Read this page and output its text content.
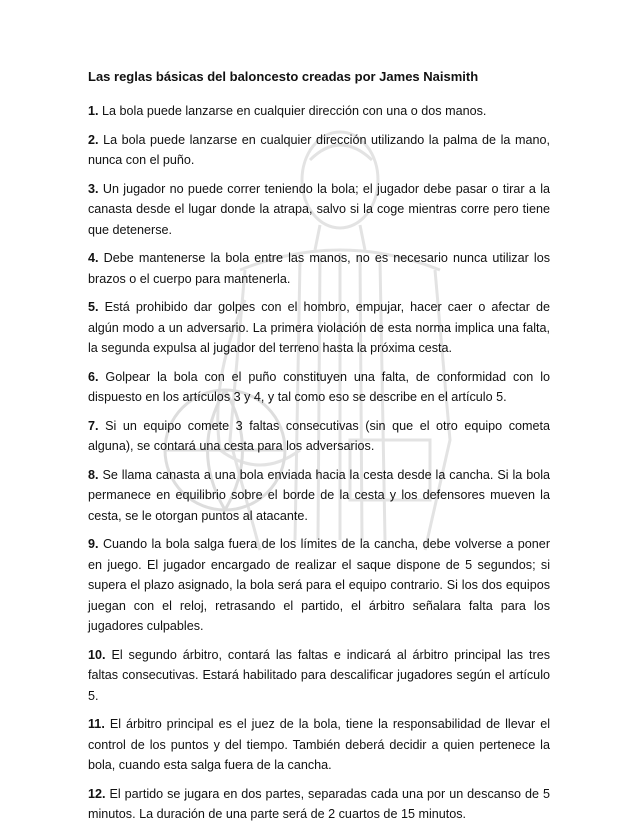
Las reglas básicas del baloncesto creadas por James Naismith

1. La bola puede lanzarse en cualquier dirección con una o dos manos.

2. La bola puede lanzarse en cualquier dirección utilizando la palma de la mano, nunca con el puño.

3. Un jugador no puede correr teniendo la bola; el jugador debe pasar o tirar a la canasta desde el lugar donde la atrapa, salvo si la coge mientras corre pero tiene que detenerse.

4. Debe mantenerse la bola entre las manos, no es necesario nunca utilizar los brazos o el cuerpo para mantenerla.

5. Está prohibido dar golpes con el hombro, empujar, hacer caer o afectar de algún modo a un adversario. La primera violación de esta norma implica una falta, la segunda expulsa al jugador del terreno hasta la próxima cesta.

6. Golpear la bola con el puño constituyen una falta, de conformidad con lo dispuesto en los artículos 3 y 4, y tal como eso se describe en el artículo 5.

7. Si un equipo comete 3 faltas consecutivas (sin que el otro equipo cometa alguna), se contará una cesta para los adversarios.

8. Se llama canasta a una bola enviada hacia la cesta desde la cancha. Si la bola permanece en equilibrio sobre el borde de la cesta y los defensores mueven la cesta, se le otorgan puntos al atacante.

9. Cuando la bola salga fuera de los límites de la cancha, debe volverse a poner en juego. El jugador encargado de realizar el saque dispone de 5 segundos; si supera el plazo asignado, la bola será para el equipo contrario. Si los dos equipos juegan con el reloj, retrasando el partido, el árbitro señalara falta para los jugadores culpables.

10. El segundo árbitro, contará las faltas e indicará al árbitro principal las tres faltas consecutivas. Estará habilitado para descalificar jugadores según el artículo 5.

11. El árbitro principal es el juez de la bola, tiene la responsabilidad de llevar el control de los puntos y del tiempo. También deberá decidir a quien pertenece la bola, cuando esta salga fuera de la cancha.

12. El partido se jugara en dos partes, separadas cada una por un descanso de 5 minutos. La duración de una parte será de 2 cuartos de 15 minutos.
